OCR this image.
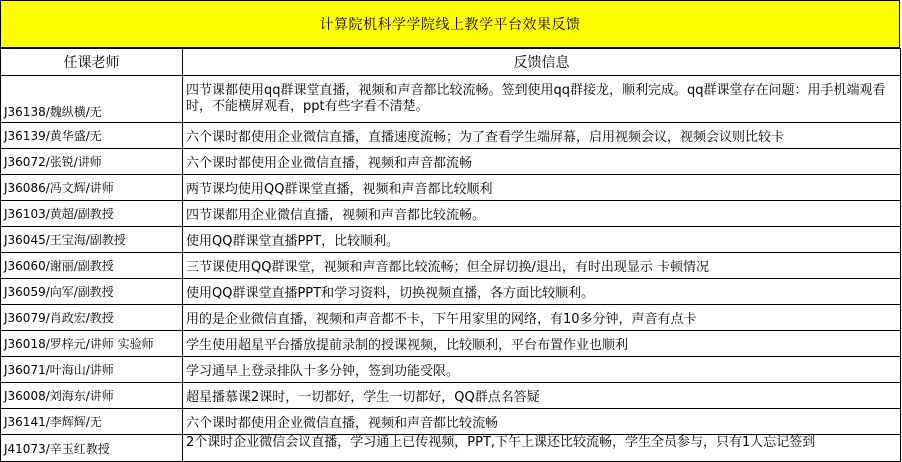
计算院机科学学院线上教学平台效果反馈
任课老师	反馈信息
J36138/魏纵横/无	四节课都使用qq群课堂直播，视频和声音都比较流畅。签到使用qq群接龙，顺利完成。qq群课堂存在问题：用手机端观看时，不能横屏观看，ppt有些字看不清楚。
J36139/黄华盛/无	六个课时都使用企业微信直播，直播速度流畅；为了查看学生端屏幕，启用视频会议，视频会议则比较卡
J36072/张锐/讲师	六个课时都使用企业微信直播，视频和声音都流畅
J36086/冯文辉/讲师	两节课均使用QQ群课堂直播，视频和声音都比较顺利
J36103/黄超/副教授	四节课都用企业微信直播，视频和声音都比较流畅。
J36045/王宝海/副教授	使用QQ群课堂直播PPT，比较顺利。
J36060/谢丽/副教授	三节课使用QQ群课堂，视频和声音都比较流畅；但全屏切换/退出，有时出现显示 卡顿情况
J36059/向军/副教授	使用QQ群课堂直播PPT和学习资料，切换视频直播，各方面比较顺利。
J36079/肖政宏/教授	用的是企业微信直播，视频和声音都不卡，下午用家里的网络，有10多分钟，声音有点卡
J36018/罗梓元/讲师 实验师	学生使用超星平台播放提前录制的授课视频，比较顺利，平台布置作业也顺利
J36071/叶海山/讲师	学习通早上登录排队十多分钟，签到功能受限。
J36008/刘海东/讲师	超星播慕课2课时，一切都好，学生一切都好，QQ群点名答疑
J36141/李辉辉/无	六个课时都使用企业微信直播，视频和声音都比较流畅
J41073/辛玉红教授	2个课时企业微信会议直播，学习通上已传视频，PPT,下午上课还比较流畅，学生全员参与，只有1人忘记签到
